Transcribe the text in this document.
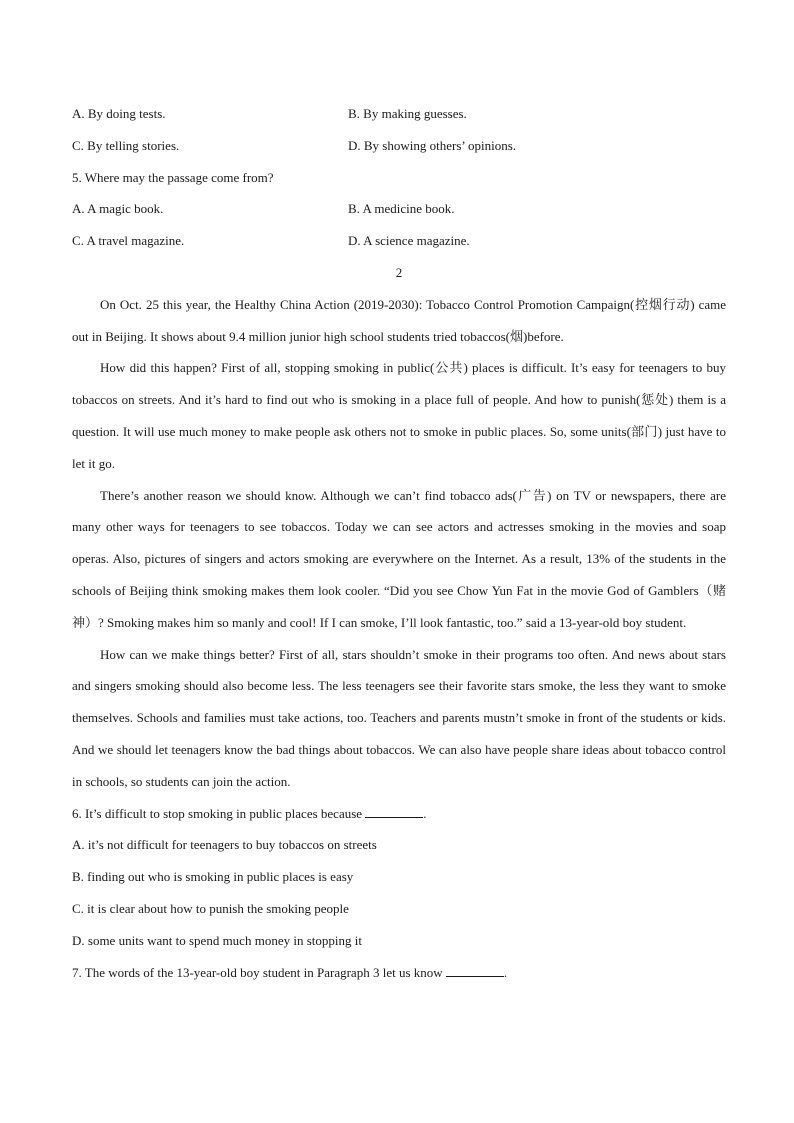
A. By doing tests.	B. By making guesses.
C. By telling stories.	D. By showing others’ opinions.
5. Where may the passage come from?
A. A magic book.	B. A medicine book.
C. A travel magazine.	D. A science magazine.
2

On Oct. 25 this year, the Healthy China Action (2019-2030): Tobacco Control Promotion Campaign(控烟行动) came out in Beijing. It shows about 9.4 million junior high school students tried tobaccos(烟)before.

How did this happen? First of all, stopping smoking in public(公共) places is difficult. It’s easy for teenagers to buy tobaccos on streets. And it’s hard to find out who is smoking in a place full of people. And how to punish(惩处) them is a question. It will use much money to make people ask others not to smoke in public places. So, some units(部门) just have to let it go.

There’s another reason we should know. Although we can’t find tobacco ads(广告) on TV or newspapers, there are many other ways for teenagers to see tobaccos. Today we can see actors and actresses smoking in the movies and soap operas. Also, pictures of singers and actors smoking are everywhere on the Internet. As a result, 13% of the students in the schools of Beijing think smoking makes them look cooler. “Did you see Chow Yun Fat in the movie God of Gamblers（赌神）? Smoking makes him so manly and cool! If I can smoke, I’ll look fantastic, too.” said a 13-year-old boy student.

How can we make things better? First of all, stars shouldn’t smoke in their programs too often. And news about stars and singers smoking should also become less. The less teenagers see their favorite stars smoke, the less they want to smoke themselves. Schools and families must take actions, too. Teachers and parents mustn’t smoke in front of the students or kids. And we should let teenagers know the bad things about tobaccos. We can also have people share ideas about tobacco control in schools, so students can join the action.

6. It’s difficult to stop smoking in public places because	.
A. it’s not difficult for teenagers to buy tobaccos on streets
B. finding out who is smoking in public places is easy
C. it is clear about how to punish the smoking people
D. some units want to spend much money in stopping it
7. The words of the 13-year-old boy student in Paragraph 3 let us know	.
